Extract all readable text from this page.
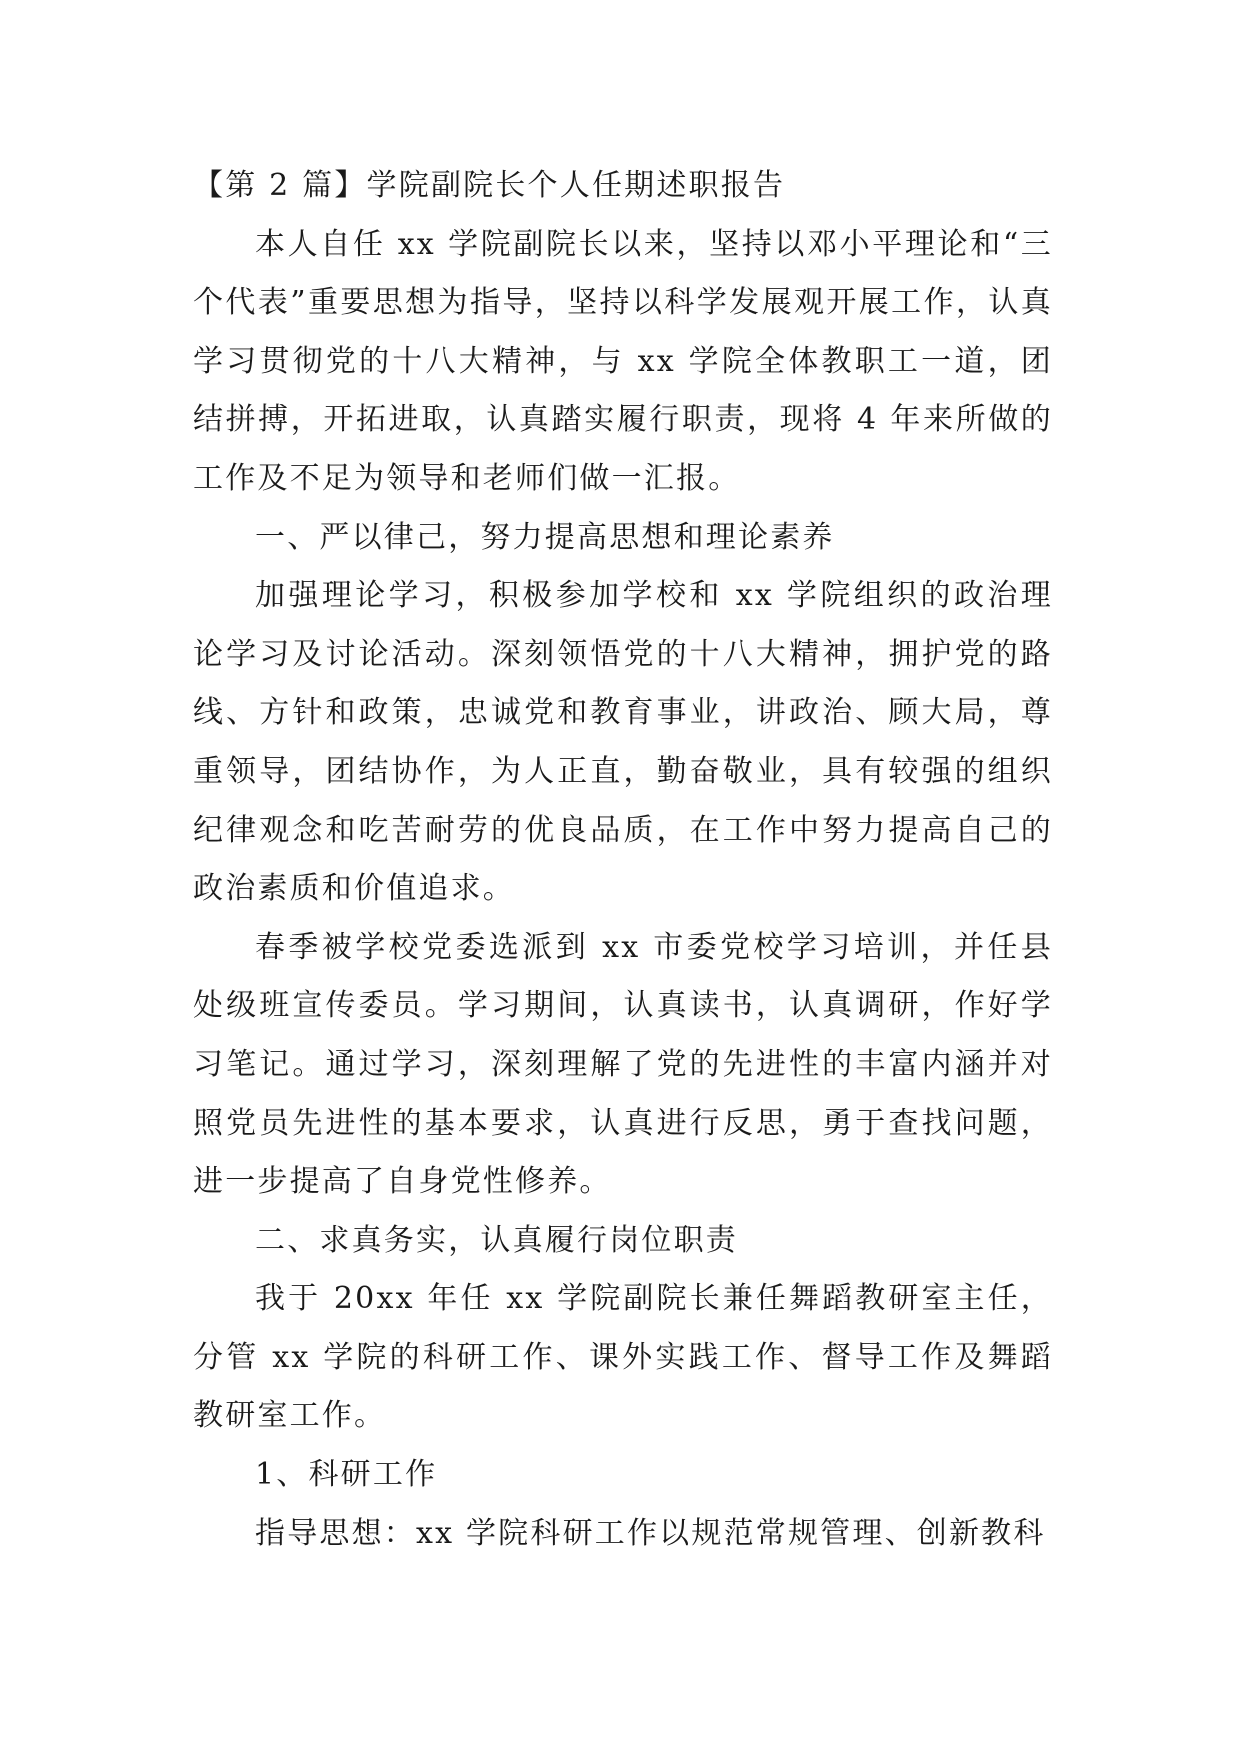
【第 2 篇】学院副院长个人任期述职报告

本人自任 xx 学院副院长以来，坚持以邓小平理论和“三个代表”重要思想为指导，坚持以科学发展观开展工作，认真学习贯彻党的十八大精神，与 xx 学院全体教职工一道，团结拼搏，开拓进取，认真踏实履行职责，现将 4 年来所做的工作及不足为领导和老师们做一汇报。

一、严以律己，努力提高思想和理论素养

加强理论学习，积极参加学校和 xx 学院组织的政治理论学习及讨论活动。深刻领悟党的十八大精神，拥护党的路线、方针和政策，忠诚党和教育事业，讲政治、顾大局，尊重领导，团结协作，为人正直，勤奋敬业，具有较强的组织纪律观念和吃苦耐劳的优良品质，在工作中努力提高自己的政治素质和价值追求。

春季被学校党委选派到 xx 市委党校学习培训，并任县处级班宣传委员。学习期间，认真读书，认真调研，作好学习笔记。通过学习，深刻理解了党的先进性的丰富内涵并对照党员先进性的基本要求，认真进行反思，勇于查找问题，进一步提高了自身党性修养。

二、求真务实，认真履行岗位职责

我于 20xx 年任 xx 学院副院长兼任舞蹈教研室主任，分管 xx 学院的科研工作、课外实践工作、督导工作及舞蹈教研室工作。

1、科研工作

指导思想：xx 学院科研工作以规范常规管理、创新教科
